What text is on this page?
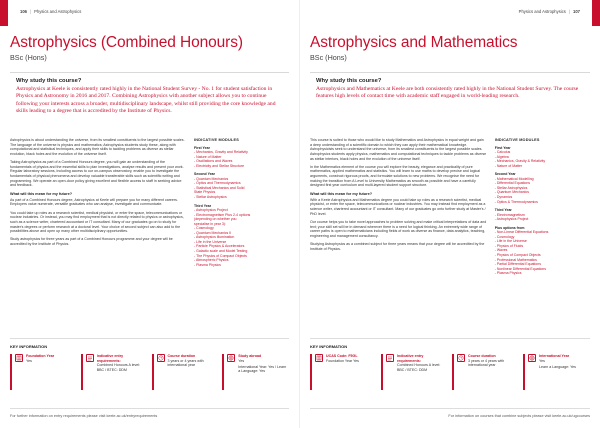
106 | Physics and Astrophysics
Astrophysics (Combined Honours)
BSc (Hons)
Why study this course?

Astrophysics at Keele is consistently rated highly in the National Student Survey - No. 1 for student satisfaction in Physics and Astronomy in 2016 and 2017. Combining Astrophysics with another subject allows you to continue following your interests across a broader, multidisciplinary landscape, whilst still providing the core knowledge and skills leading to a degree that is accredited by the Institute of Physics.

Astrophysics is about understanding the universe, from its smallest constituents to the largest possible scales. The language of the universe is physics and mathematics; Astrophysics students study these, along with computational and statistical techniques, and apply their skills to tackling problems as diverse as stellar evolution, black holes and the evolution of the universe itself.

Taking Astrophysics as part of a Combined Honours degree, you will gain an understanding of the fundamentals of physics and the essential skills to plan investigations, analyse results and present your work. Regular laboratory sessions, including access to our on-campus observatory, enable you to investigate the fundamentals of physical phenomena and develop valuable transferable skills such as scientific writing and programming. We operate an open-door policy giving excellent and flexible access to staff in seeking advice and feedback.

What will this mean for my future?

As part of a Combined Honours degree, Astrophysics at Keele will prepare you for many different careers. Employers value numerate, versatile graduates who can analyse, investigate and communicate.

You could take up roles as a research scientist, medical physicist, or enter the space, telecommunications or nuclear industries. Or instead, you may find employment that is not directly related to physics or astrophysics, such as a science writer, chartered accountant or IT consultant. Many of our graduates go on to study for master's degrees or perform research at a doctoral level. Your choice of second subject can also add to the possibilities above and open up many other multidisciplinary opportunities.

Study astrophysics for three years as part of a Combined Honours programme and your degree will be accredited by the Institute of Physics.

INDICATIVE MODULES
First Year
- Mechanics, Gravity and Relativity
- Nature of Matter
- Oscillations and Waves
- Electricity and Stellar Structure
Second Year
- Quantum Mechanics
- Optics and Thermodynamics
- Statistical Mechanics and Solid
State Physics
- Stellar Astrophysics
Third Year
- Astrophysics Project
- Electromagnetism Plus 2-4 options
(depending on whether you
specialise in year 3):
- Cosmology
- Quantum Mechanics II
- Astrophysics illumination
- Life in the Universe
- Particle Physics & Accelerators
- Galactic scale and Model Testing
- The Physics of Compact Objects
- Atmospheric Physics
- Plasma Physics
KEY INFORMATION
Foundation Year
Yes
Indicative entry requirements:
Combined Honours A level: BBC / BTEC: DDM
Course duration
3 years or 4 years with international year
Study abroad
Yes
International Year: Yes / Learn a Language: Yes
For further information on entry requirements please visit keele.ac.uk/entryrequirements
Physics and Astrophysics | 107
Astrophysics and Mathematics
BSc (Hons)
Why study this course?

Astrophysics and Mathematics at Keele are both consistently rated highly in the National Student Survey. The course features high levels of contact time with academic staff engaged in world-leading research.

This course is suited to those who would like to study Mathematics and Astrophysics in equal weight and gain a deep understanding of a scientific domain to which they can apply their mathematical knowledge. Astrophysicists seek to understand the universe, from its smallest constituents to the largest possible scales. Astrophysics students apply physics, mathematics and computational techniques to tackle problems as diverse as stellar interiors, black holes and the evolution of the universe itself.

In the Mathematics element of the course you will explore the beauty, elegance and practicality of pure mathematics, applied mathematics and statistics. You will learn to use maths to develop precise and logical arguments, construct rigorous proofs, and formulate solutions to new problems. We recognise the need for making the transition from A Level to University Mathematics as smooth as possible and have a carefully designed first year curriculum and multi-layered student support structure.

What will this mean for my future?

With a Keele Astrophysics and Mathematics degree you could take up roles as a research scientist, medical physicist, or enter the space, telecommunications or nuclear industries. You may instead find employment as a science writer, chartered accountant or IT consultant. Many of our graduates go onto further study at Master's / PhD level.

Our course helps you to take novel approaches to problem solving and make critical interpretations of data and text; your skill set will be in demand wherever there is a need for logical thinking. An extremely wide range of career paths is open to mathematicians including fields of work as diverse as finance, data analytics, teaching, engineering and management consultancy.

Studying Astrophysics as a combined subject for three years means that your degree will be accredited by the Institute of Physics.

INDICATIVE MODULES
First Year
- Calculus
- Algebra
- Mechanics, Gravity & Relativity
- Nature of Matter
Second Year
- Mathematical Modelling
- Differential Equations
- Stellar Astrophysics
- Quantum Mechanics
- Dynamics
- Optics & Thermodynamics
Third Year
- Electromagnetism
- Astrophysics Project
Plus options from
- Non-Linear Differential Equations
- Cosmology
- Life in the Universe
- Physics of Fluids
- Waves
- Physics of Compact Objects
- Professional Mathematics
- Partial Differential Equations
- Nonlinear Differential Equations
- Plasma Physics
KEY INFORMATION
UCAS Code: F5GL
Foundation Year Yes
Indicative entry requirements:
Combined Honours A level: BBC / BTEC: DDM
Course duration
3 years or 4 years with international year
International Year
Yes
Learn a Language: Yes
For information on courses that combine subjects please visit keele.ac.uk/ugcourses
